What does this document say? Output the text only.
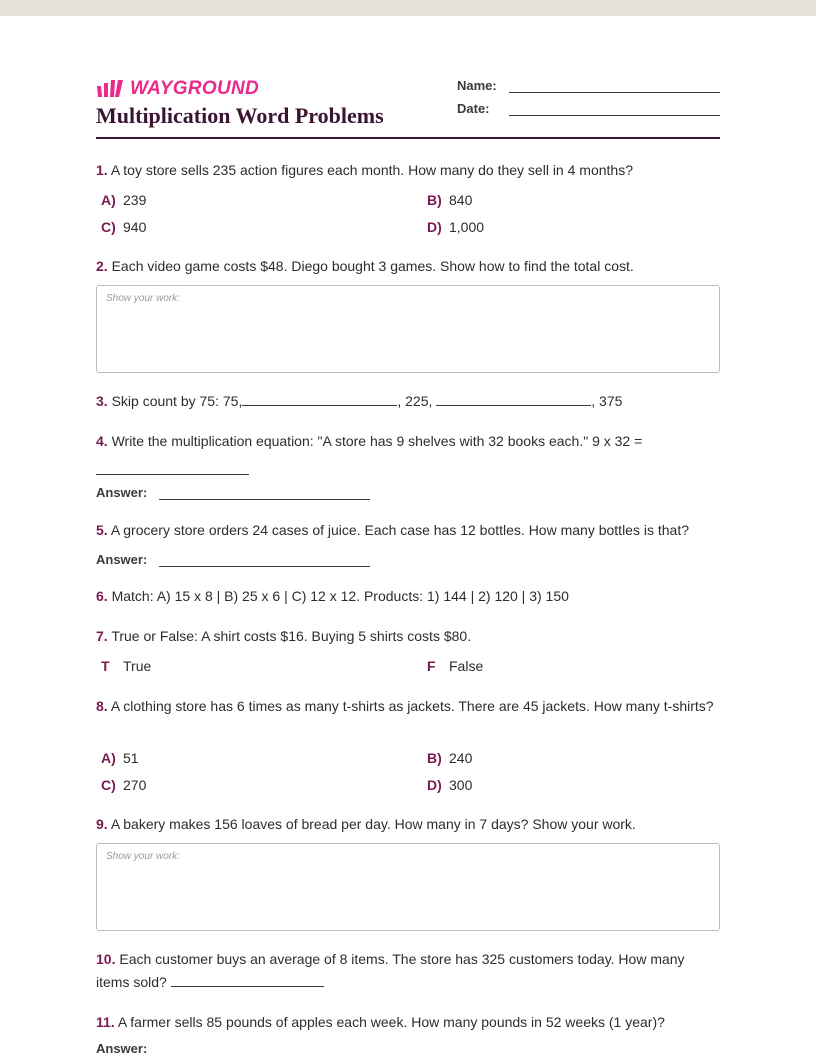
WAYGROUND
Multiplication Word Problems
Name:
Date:
1. A toy store sells 235 action figures each month. How many do they sell in 4 months?
A) 239	B) 840
C) 940	D) 1,000
2. Each video game costs $48. Diego bought 3 games. Show how to find the total cost.
Show your work:
3. Skip count by 75: 75,	, 225,	, 375
4. Write the multiplication equation: "A store has 9 shelves with 32 books each." 9 x 32 =
Answer:
5. A grocery store orders 24 cases of juice. Each case has 12 bottles. How many bottles is that?
Answer:
6. Match: A) 15 x 8 | B) 25 x 6 | C) 12 x 12. Products: 1) 144 | 2) 120 | 3) 150
7. True or False: A shirt costs $16. Buying 5 shirts costs $80.
T True	F False
8. A clothing store has 6 times as many t-shirts as jackets. There are 45 jackets. How many t-shirts?
A) 51	B) 240
C) 270	D) 300
9. A bakery makes 156 loaves of bread per day. How many in 7 days? Show your work.
Show your work:
10. Each customer buys an average of 8 items. The store has 325 customers today. How many items sold?
11. A farmer sells 85 pounds of apples each week. How many pounds in 52 weeks (1 year)?
Answer:
